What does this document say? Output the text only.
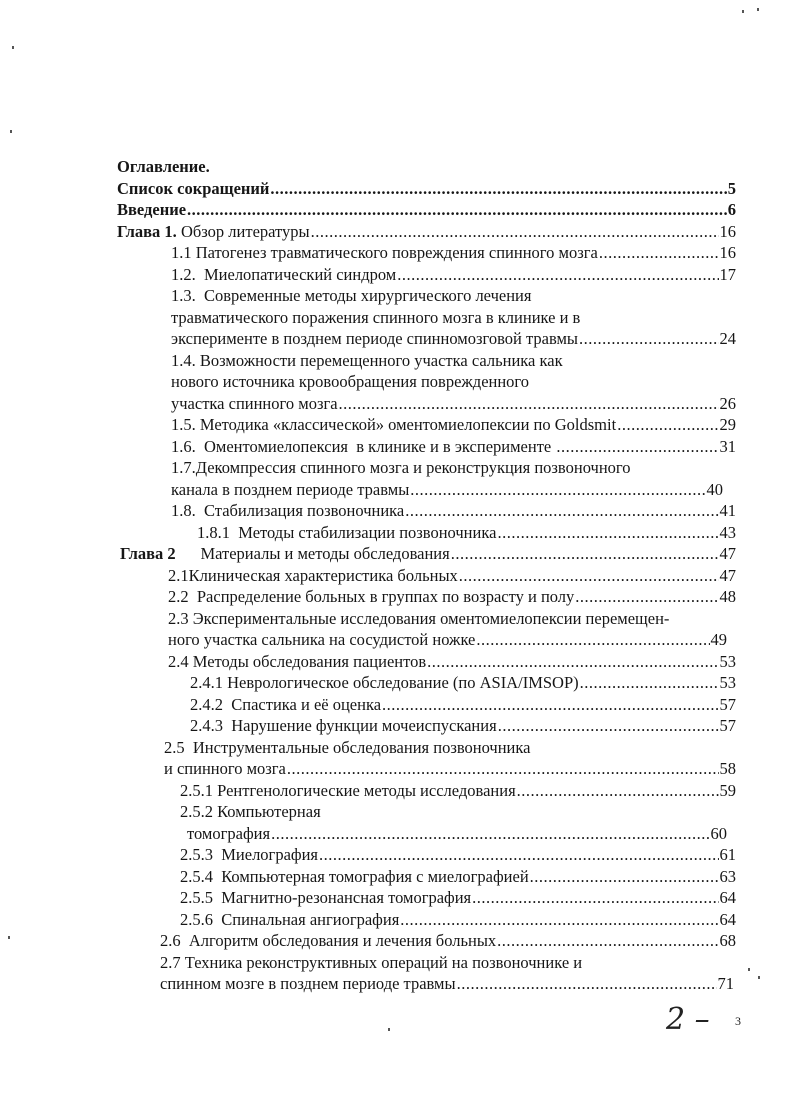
Оглавление.
Список сокращений .....	5
Введение .....	6
Глава 1. Обзор литературы .....	16
1.1 Патогенез травматического повреждения спинного мозга .....	16
1.2.  Миелопатический синдром .....	17
1.3.  Современные методы хирургического лечения
травматического поражения спинного мозга в клинике и в
эксперименте в позднем периоде спинномозговой травмы .....	24
1.4. Возможности перемещенного участка сальника как
нового источника кровообращения поврежденного
участка спинного мозга .....	26
1.5. Методика «классической» оментомиелопексии по Goldsmit .....	29
1.6.  Оментомиелопексия  в клинике и в эксперименте .....	31
1.7.Декомпрессия спинного мозга и реконструкция позвоночного
канала в позднем периоде травмы .....	40
1.8.  Стабилизация позвоночника .....	41
1.8.1  Методы стабилизации позвоночника .....	43
Глава 2 Материалы и методы обследования .....	47
2.1Клиническая характеристика больных .....	47
2.2  Распределение больных в группах по возрасту и полу .....	48
2.3 Экспериментальные исследования оментомиелопексии перемещен-
ного участка сальника на сосудистой ножке .....	49
2.4 Методы обследования пациентов .....	53
2.4.1 Неврологическое обследование (по ASIA/IMSOP) .....	53
2.4.2  Спастика и её оценка .....	57
2.4.3  Нарушение функции мочеиспускания .....	57
2.5  Инструментальные обследования позвоночника
и спинного мозга .....	58
2.5.1 Рентгенологические методы исследования .....	59
2.5.2 Компьютерная
томография .....	60
2.5.3  Миелография .....	61
2.5.4  Компьютерная томография с миелографией .....	63
2.5.5  Магнитно-резонансная томография .....	64
2.5.6  Спинальная ангиография .....	64
2.6  Алгоритм обследования и лечения больных .....	68
2.7 Техника реконструктивных операций на позвоночнике и
спинном мозге в позднем периоде травмы .....	71
2 – 3
